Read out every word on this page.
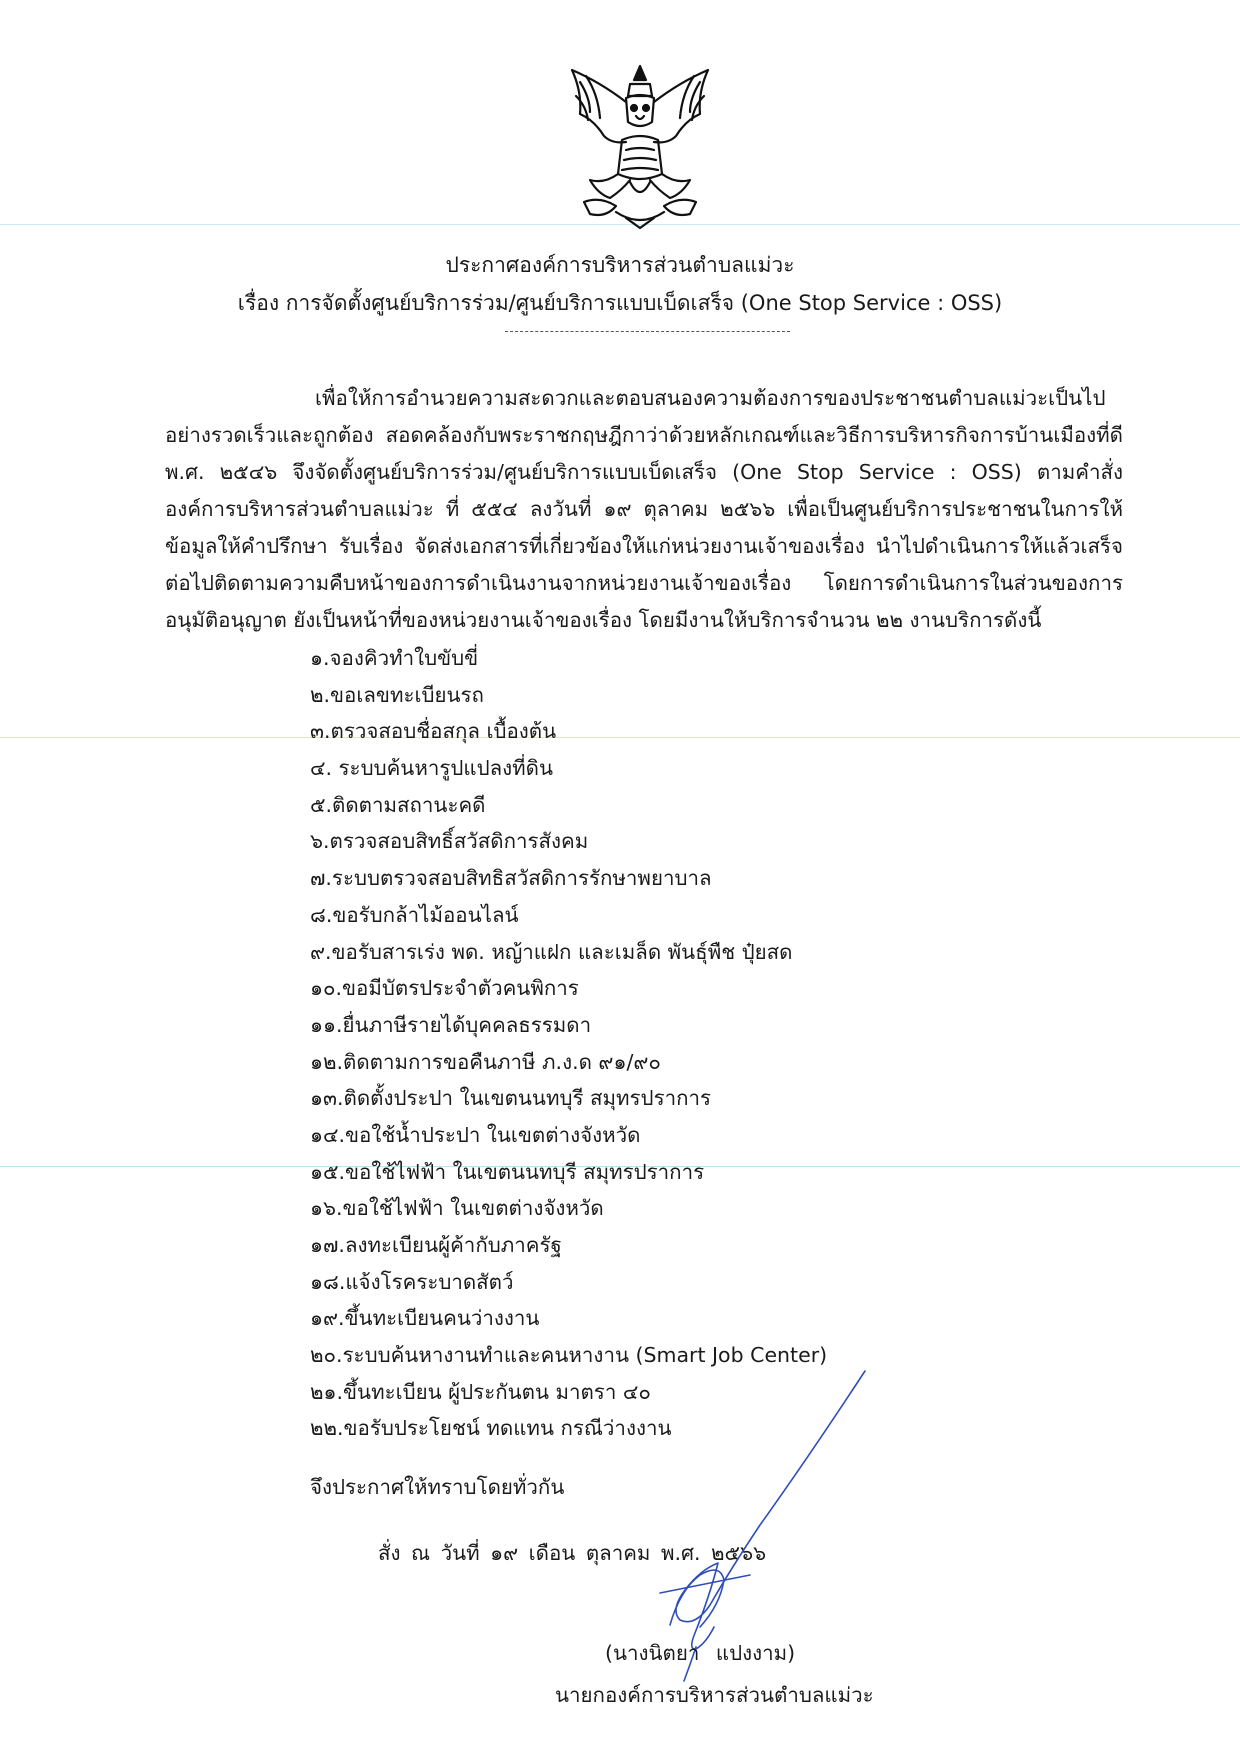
ประกาศองค์การบริหารส่วนตำบลแม่วะ
เรื่อง การจัดตั้งศูนย์บริการร่วม/ศูนย์บริการแบบเบ็ดเสร็จ (One Stop Service : OSS)

เพื่อให้การอำนวยความสะดวกและตอบสนองความต้องการของประชาชนตำบลแม่วะเป็นไปอย่างรวดเร็วและถูกต้อง สอดคล้องกับพระราชกฤษฎีกาว่าด้วยหลักเกณฑ์และวิธีการบริหารกิจการบ้านเมืองที่ดี พ.ศ. ๒๕๔๖ จึงจัดตั้งศูนย์บริการร่วม/ศูนย์บริการแบบเบ็ดเสร็จ (One Stop Service : OSS) ตามคำสั่งองค์การบริหารส่วนตำบลแม่วะ ที่ ๕๕๔ ลงวันที่ ๑๙ ตุลาคม ๒๕๖๖ เพื่อเป็นศูนย์บริการประชาชนในการให้ข้อมูลให้คำปรึกษา รับเรื่อง จัดส่งเอกสารที่เกี่ยวข้องให้แก่หน่วยงานเจ้าของเรื่อง นำไปดำเนินการให้แล้วเสร็จต่อไปติดตามความคืบหน้าของการดำเนินงานจากหน่วยงานเจ้าของเรื่อง โดยการดำเนินการในส่วนของการอนุมัติอนุญาต ยังเป็นหน้าที่ของหน่วยงานเจ้าของเรื่อง โดยมีงานให้บริการจำนวน ๒๒ งานบริการดังนี้

๑.จองคิวทำใบขับขี่
๒.ขอเลขทะเบียนรถ
๓.ตรวจสอบชื่อสกุล เบื้องต้น
๔. ระบบค้นหารูปแปลงที่ดิน
๕.ติดตามสถานะคดี
๖.ตรวจสอบสิทธิ์สวัสดิการสังคม
๗.ระบบตรวจสอบสิทธิสวัสดิการรักษาพยาบาล
๘.ขอรับกล้าไม้ออนไลน์
๙.ขอรับสารเร่ง พด. หญ้าแฝก และเมล็ด พันธุ์พืช ปุ๋ยสด
๑๐.ขอมีบัตรประจำตัวคนพิการ
๑๑.ยื่นภาษีรายได้บุคคลธรรมดา
๑๒.ติดตามการขอคืนภาษี ภ.ง.ด ๙๑/๙๐
๑๓.ติดตั้งประปา ในเขตนนทบุรี สมุทรปราการ
๑๔.ขอใช้น้ำประปา ในเขตต่างจังหวัด
๑๕.ขอใช้ไฟฟ้า ในเขตนนทบุรี สมุทรปราการ
๑๖.ขอใช้ไฟฟ้า ในเขตต่างจังหวัด
๑๗.ลงทะเบียนผู้ค้ากับภาครัฐ
๑๘.แจ้งโรคระบาดสัตว์
๑๙.ขึ้นทะเบียนคนว่างงาน
๒๐.ระบบค้นหางานทำและคนหางาน (Smart Job Center)
๒๑.ขึ้นทะเบียน ผู้ประกันตน มาตรา ๔๐
๒๒.ขอรับประโยชน์ ทดแทน กรณีว่างงาน
จึงประกาศให้ทราบโดยทั่วกัน
สั่ง ณ วันที่ ๑๙ เดือน ตุลาคม พ.ศ. ๒๕๖๖
(นางนิตยา แปงงาม)
นายกองค์การบริหารส่วนตำบลแม่วะ
